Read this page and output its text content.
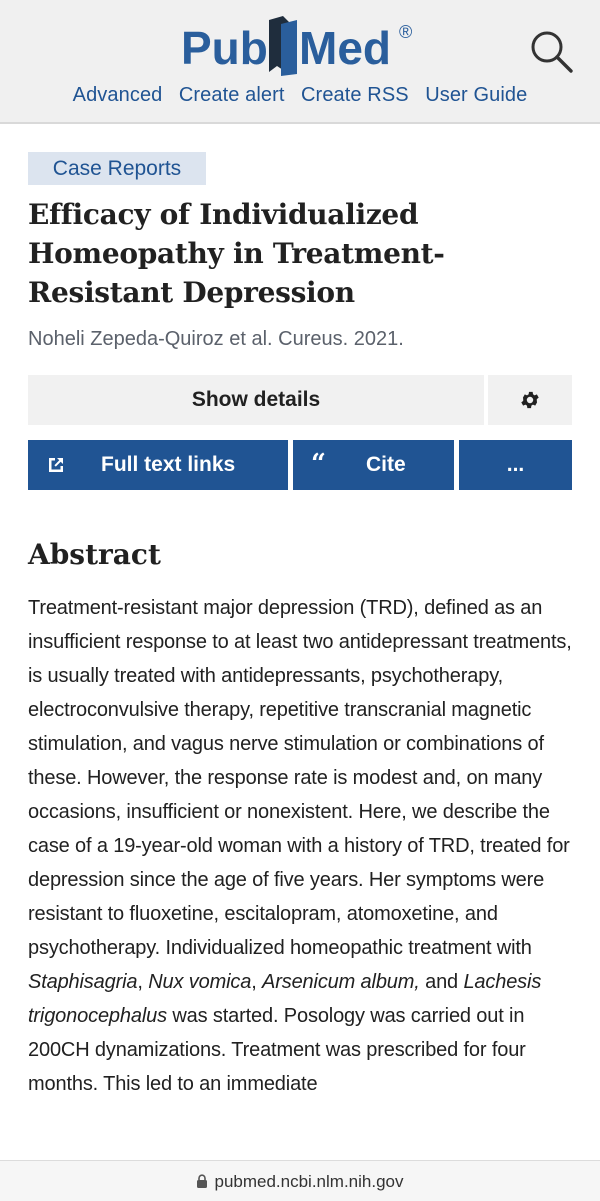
Pub Med ®
Advanced Create alert Create RSS User Guide
Case Reports
Efficacy of Individualized Homeopathy in Treatment-Resistant Depression
Noheli Zepeda-Quiroz et al. Cureus. 2021.
Show details
Full text links	“ Cite	...
Abstract

Treatment-resistant major depression (TRD), defined as an insufficient response to at least two antidepressant treatments, is usually treated with antidepressants, psychotherapy, electroconvulsive therapy, repetitive transcranial magnetic stimulation, and vagus nerve stimulation or combinations of these. However, the response rate is modest and, on many occasions, insufficient or nonexistent. Here, we describe the case of a 19-year-old woman with a history of TRD, treated for depression since the age of five years. Her symptoms were resistant to fluoxetine, escitalopram, atomoxetine, and psychotherapy. Individualized homeopathic treatment with Staphisagria, Nux vomica, Arsenicum album, and Lachesis trigonocephalus was started. Posology was carried out in 200CH dynamizations. Treatment was prescribed for four months. This led to an immediate

pubmed.ncbi.nlm.nih.gov
